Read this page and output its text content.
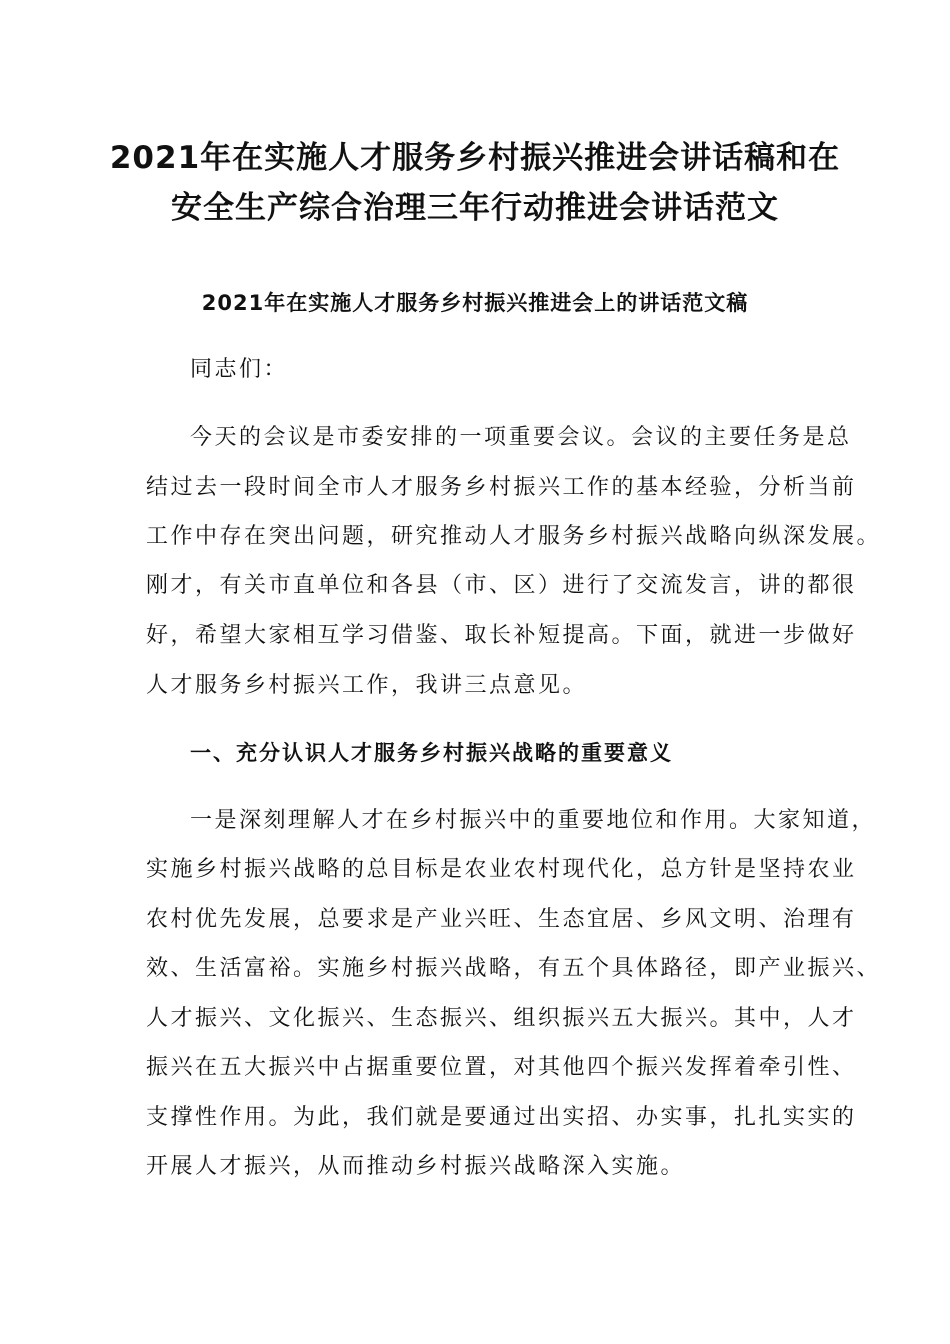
2021年在实施人才服务乡村振兴推进会讲话稿和在
安全生产综合治理三年行动推进会讲话范文
2021年在实施人才服务乡村振兴推进会上的讲话范文稿
同志们：
今天的会议是市委安排的一项重要会议。会议的主要任务是总
结过去一段时间全市人才服务乡村振兴工作的基本经验，分析当前
工作中存在突出问题，研究推动人才服务乡村振兴战略向纵深发展。
刚才，有关市直单位和各县（市、区）进行了交流发言，讲的都很
好，希望大家相互学习借鉴、取长补短提高。下面，就进一步做好
人才服务乡村振兴工作，我讲三点意见。
一、充分认识人才服务乡村振兴战略的重要意义
一是深刻理解人才在乡村振兴中的重要地位和作用。大家知道，
实施乡村振兴战略的总目标是农业农村现代化，总方针是坚持农业
农村优先发展，总要求是产业兴旺、生态宜居、乡风文明、治理有
效、生活富裕。实施乡村振兴战略，有五个具体路径，即产业振兴、
人才振兴、文化振兴、生态振兴、组织振兴五大振兴。其中，人才
振兴在五大振兴中占据重要位置，对其他四个振兴发挥着牵引性、
支撑性作用。为此，我们就是要通过出实招、办实事，扎扎实实的
开展人才振兴，从而推动乡村振兴战略深入实施。
